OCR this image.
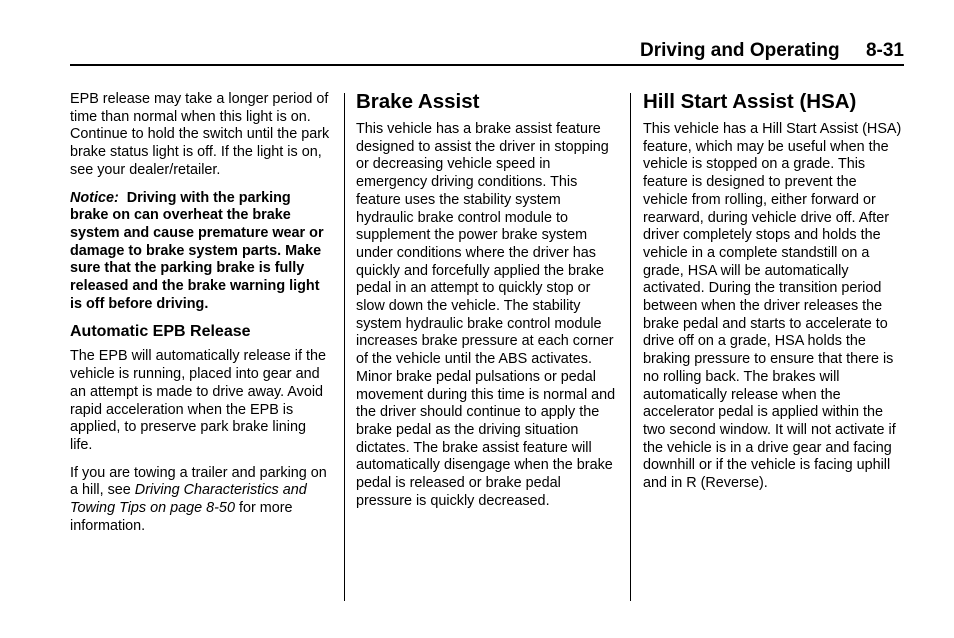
Driving and Operating 8-31

EPB release may take a longer period of time than normal when this light is on. Continue to hold the switch until the park brake status light is off. If the light is on, see your dealer/retailer.

Notice: Driving with the parking brake on can overheat the brake system and cause premature wear or damage to brake system parts. Make sure that the parking brake is fully released and the brake warning light is off before driving.

Automatic EPB Release

The EPB will automatically release if the vehicle is running, placed into gear and an attempt is made to drive away. Avoid rapid acceleration when the EPB is applied, to preserve park brake lining life.

If you are towing a trailer and parking on a hill, see Driving Characteristics and Towing Tips on page 8-50 for more information.

Brake Assist

This vehicle has a brake assist feature designed to assist the driver in stopping or decreasing vehicle speed in emergency driving conditions. This feature uses the stability system hydraulic brake control module to supplement the power brake system under conditions where the driver has quickly and forcefully applied the brake pedal in an attempt to quickly stop or slow down the vehicle. The stability system hydraulic brake control module increases brake pressure at each corner of the vehicle until the ABS activates. Minor brake pedal pulsations or pedal movement during this time is normal and the driver should continue to apply the brake pedal as the driving situation dictates. The brake assist feature will automatically disengage when the brake pedal is released or brake pedal pressure is quickly decreased.

Hill Start Assist (HSA)

This vehicle has a Hill Start Assist (HSA) feature, which may be useful when the vehicle is stopped on a grade. This feature is designed to prevent the vehicle from rolling, either forward or rearward, during vehicle drive off. After driver completely stops and holds the vehicle in a complete standstill on a grade, HSA will be automatically activated. During the transition period between when the driver releases the brake pedal and starts to accelerate to drive off on a grade, HSA holds the braking pressure to ensure that there is no rolling back. The brakes will automatically release when the accelerator pedal is applied within the two second window. It will not activate if the vehicle is in a drive gear and facing downhill or if the vehicle is facing uphill and in R (Reverse).
